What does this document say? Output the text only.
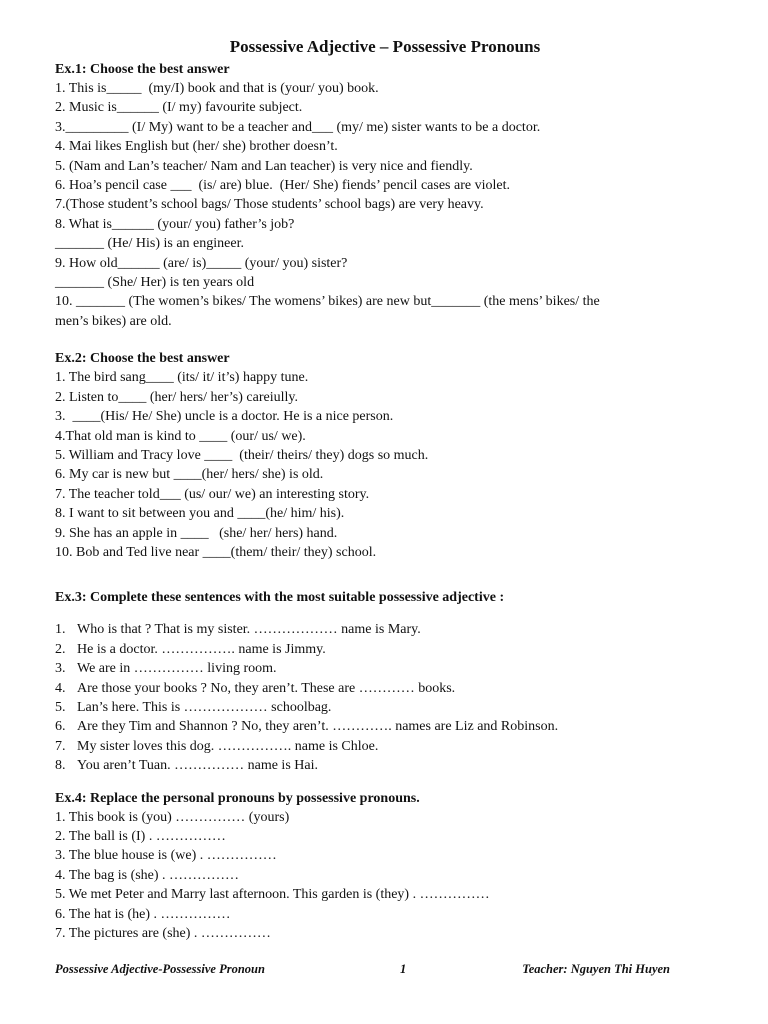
Possessive Adjective – Possessive Pronouns
Ex.1: Choose the best answer
1. This is_____  (my/I) book and that is (your/ you) book.
2. Music is______ (I/ my) favourite subject.
3._________ (I/ My) want to be a teacher and___ (my/ me) sister wants to be a doctor.
4. Mai likes English but (her/ she) brother doesn’t.
5. (Nam and Lan’s teacher/ Nam and Lan teacher) is very nice and fiendly.
6. Hoa’s pencil case ___  (is/ are) blue.  (Her/ She) fiends’ pencil cases are violet.
7.(Those student’s school bags/ Those students’ school bags) are very heavy.
8. What is______ (your/ you) father’s job?
_______ (He/ His) is an engineer.
9. How old______ (are/ is)_____ (your/ you) sister?
_______ (She/ Her) is ten years old
10. _______ (The women’s bikes/ The womens’ bikes) are new but_______ (the mens’ bikes/ the
men’s bikes) are old.
Ex.2: Choose the best answer
1. The bird sang____ (its/ it/ it’s) happy tune.
2. Listen to____ (her/ hers/ her’s) careiully.
3.  ____(His/ He/ She) uncle is a doctor. He is a nice person.
4.That old man is kind to ____ (our/ us/ we).
5. William and Tracy love ____  (their/ theirs/ they) dogs so much.
6. My car is new but ____(her/ hers/ she) is old.
7. The teacher told___ (us/ our/ we) an interesting story.
8. I want to sit between you and ____(he/ him/ his).
9. She has an apple in ____   (she/ her/ hers) hand.
10. Bob and Ted live near ____(them/ their/ they) school.
Ex.3: Complete these sentences with the most suitable possessive adjective :
1. Who is that ? That is my sister. ……………… name is Mary.
2. He is a doctor. ……………. name is Jimmy.
3. We are in …………… living room.
4. Are those your books ? No, they aren’t. These are ………… books.
5. Lan’s here. This is ……………… schoolbag.
6. Are they Tim and Shannon ? No, they aren’t. …………. names are Liz and Robinson.
7. My sister loves this dog. ……………. name is Chloe.
8. You aren’t Tuan. …………… name is Hai.
Ex.4: Replace the personal pronouns by possessive pronouns.
1. This book is (you) …………… (yours)
2. The ball is (I) . ……………
3. The blue house is (we) . ……………
4. The bag is (she) . ……………
5. We met Peter and Marry last afternoon. This garden is (they) . ……………
6. The hat is (he) . ……………
7. The pictures are (she) . ……………
Possessive Adjective-Possessive Pronoun	1	Teacher: Nguyen Thi Huyen
